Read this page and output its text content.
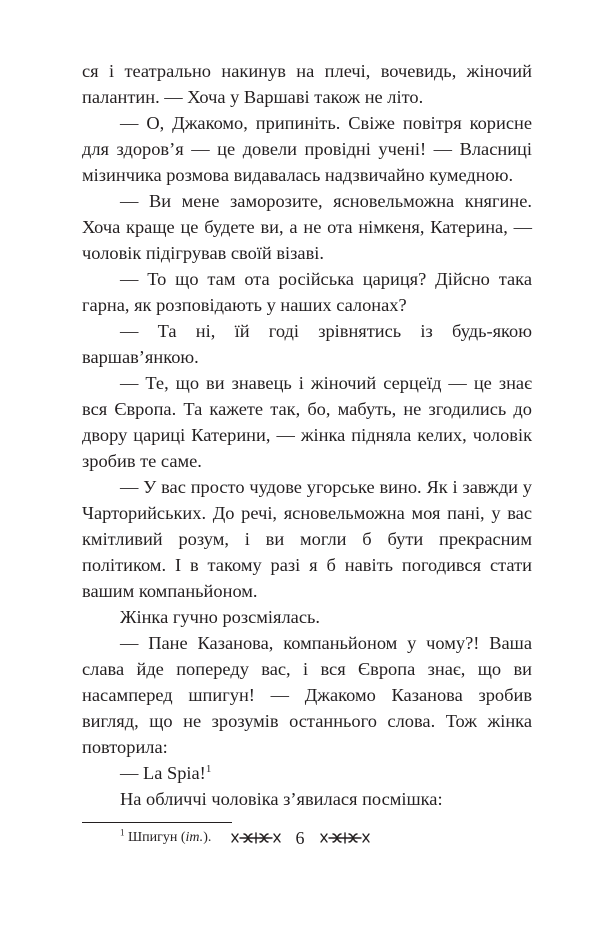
ся і театрально накинув на плечі, вочевидь, жіночий палантин. — Хоча у Варшаві також не літо.

— О, Джакомо, припиніть. Свіже повітря корисне для здоров’я — це довели провідні учені! — Власниці мізинчика розмова видавалась надзвичайно кумедною.

— Ви мене заморозите, ясновельможна княгине. Хоча краще це будете ви, а не ота німкеня, Катерина, — чоловік підігрував своїй візаві.

— То що там ота російська цариця? Дійсно така гарна, як розповідають у наших салонах?

— Та ні, їй годі зрівнятись із будь-якою варшав’янкою.

— Те, що ви знавець і жіночий серцеїд — це знає вся Європа. Та кажете так, бо, мабуть, не згодились до двору цариці Катерини, — жінка підняла келих, чоловік зробив те саме.

— У вас просто чудове угорське вино. Як і завжди у Чарторийських. До речі, ясновельможна моя пані, у вас кмітливий розум, і ви могли б бути прекрасним політиком. І в такому разі я б навіть погодився стати вашим компаньйоном.

Жінка гучно розсміялась.

— Пане Казанова, компаньйоном у чому?! Ваша слава йде попереду вас, і вся Європа знає, що ви насамперед шпигун! — Джакомо Казанова зробив вигляд, що не зрозумів останнього слова. Тож жінка повторила:

— La Spia!$^1$

На обличчі чоловіка з’явилася посмішка:

$^1$ Шпигун (іт.).	6
